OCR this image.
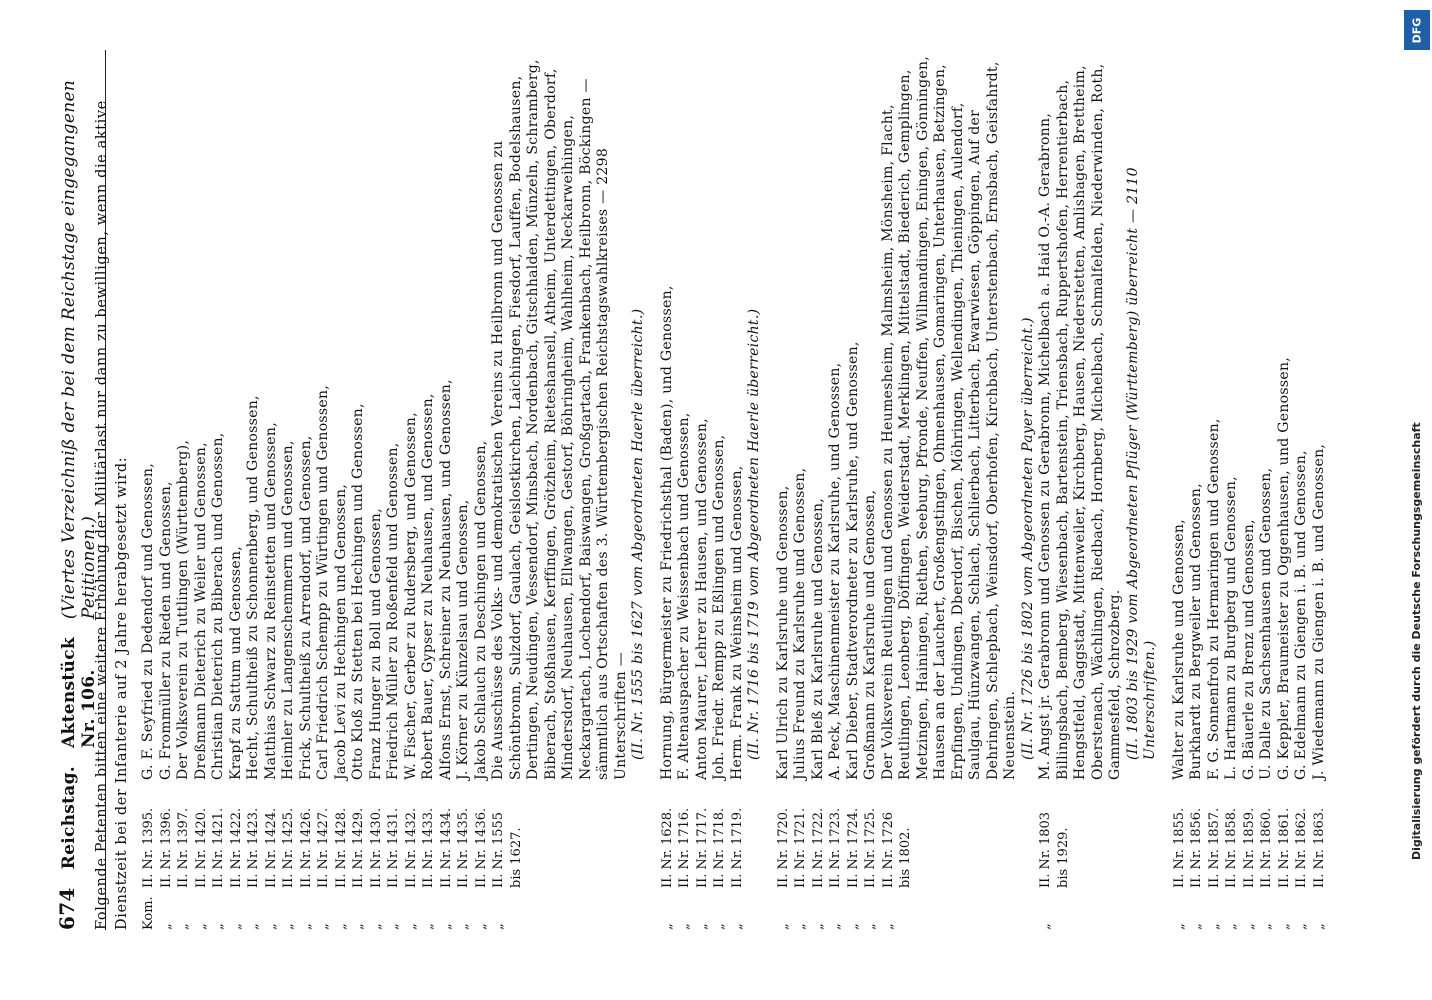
674
Reichstag.
Aktenstück Nr. 106.
(Viertes Verzeichniß der bei dem Reichstage eingegangenen Petitionen.)
Folgende Petenten bitten eine weitere Erhöhung der Militärlast nur dann zu bewilligen, wenn die aktive Dienstzeit bei der Infanterie auf 2 Jahre herabgesetzt wird: Kom.
II. Nr. 1395.
G. F. Seyfried zu Dedendorf und Genossen,
„
II. Nr. 1396.
G. Frommüller zu Rieden und Genossen,
„
II. Nr. 1397.
Der Volksverein zu Tuttlingen (Württemberg),
„
II. Nr. 1420.
Dreßmann Dieterich zu Weiler und Genossen,
„
II. Nr. 1421.
Christian Dieterich zu Biberach und Genossen,
„
II. Nr. 1422.
Krapf zu Sattum und Genossen,
„
II. Nr. 1423.
Hecht, Schultheiß zu Schonnenberg, und Genossen,
„
II. Nr. 1424.
Matthias Schwarz zu Reinstetten und Genossen,
„
II. Nr. 1425.
Heimler zu Langenschemmern und Genossen,
„
II. Nr. 1426.
Frick, Schultheiß zu Arrendorf, und Genossen,
„
II. Nr. 1427.
Carl Friedrich Schempp zu Würtingen und Genossen,
„
II. Nr. 1428.
Jacob Levi zu Hechingen und Genossen,
„
II. Nr. 1429.
Otto Kloß zu Stetten bei Hechingen und Genossen,
„
II. Nr. 1430.
Franz Hunger zu Boll und Genossen,
„
II. Nr. 1431.
Friedrich Müller zu Roßenfeld und Genossen,
„
II. Nr. 1432.
W. Fischer, Gerber zu Rudersberg, und Genossen,
„
II. Nr. 1433.
Robert Bauer, Gypser zu Neuhausen, und Genossen,
„
II. Nr. 1434.
Alfons Ernst, Schreiner zu Neuhausen, und Genossen,
„
II. Nr. 1435.
J. Körner zu Künzelsau und Genossen,
„
II. Nr. 1436.
Jakob Schlauch zu Deschingen und Genossen,
„
II. Nr. 1555
bis 1627.
Die Ausschüsse des Volks- und demokratischen Vereins zu Heilbronn und Genossen zu Schöntbronn, Sulzdorf, Gaulach, Geislostkirchen, Laichingen, Fiesdorf, Lauffen, Bodelshausen, Dertingen, Neudingen, Vessendorf, Minsbach, Nordenbach, Gitschhalden, Münzeln, Schramberg, Biberach, Stoßhausen, Kerffingen, Grötzheim, Rieteshansell, Atheim, Unterdettingen, Oberdorf, Mindersdorf, Neuhausen, Ellwangen, Gestorf, Böhringheim, Wahlheim, Neckarweihingen, Neckargartach, Lochendorf, Baiswangen, Großgartach, Frankenbach, Heilbronn, Böckingen — sämmtlich aus Ortschaften des 3. Württembergischen Reichstagswahlkreises — 2298 Unterschriften — (II. Nr. 1555 bis 1627 vom Abgeordneten Haerle überreicht.)
„
II. Nr. 1628.
Hornung, Bürgermeister zu Friedrichsthal (Baden), und Genossen,
„
II. Nr. 1716.
F. Altenauspacher zu Weissenbach und Genossen,
„
II. Nr. 1717.
Anton Maurer, Lehrer zu Hausen, und Genossen,
„
II. Nr. 1718.
Joh. Friedr. Rempp zu Eßlingen und Genossen,
„
II. Nr. 1719.
Herm. Frank zu Weinsheim und Genossen, (II. Nr. 1716 bis 1719 vom Abgeordneten Haerle überreicht.)
„
II. Nr. 1720.
Karl Ulrich zu Karlsruhe und Genossen,
„
II. Nr. 1721.
Julius Freund zu Karlsruhe und Genossen,
„
II. Nr. 1722.
Karl Bleß zu Karlsruhe und Genossen,
„
II. Nr. 1723.
A. Peck, Maschinenmeister zu Karlsruhe, und Genossen,
„
II. Nr. 1724.
Karl Dieber, Stadtverordneter zu Karlsruhe, und Genossen,
„
II. Nr. 1725.
Großmann zu Karlsruhe und Genossen,
„
II. Nr. 1726
bis 1802.
Der Volksverein Reutlingen und Genossen zu Heumesheim, Malmsheim, Mönsheim, Flacht, Reutlingen, Leonberg, Döffingen, Weiderstadt, Merklingen, Mittelstadt, Biederich, Gemplingen, Metzingen, Hainingen, Riethen, Seeburg, Pfronde, Neuffen, Willmandingen, Eningen, Gönningen, Hausen an der Lauchert, Großengstingen, Ohmenhausen, Gomaringen, Unterhausen, Betzingen, Erpfingen, Undingen, Dberdorf, Bischen, Möhringen, Wellendingen, Thieningen, Aulendorf, Saulgau, Hünzwangen, Schlach, Schlierbach, Litterbach, Ewarwiesen, Göppingen, Auf der Dehringen, Schlepbach, Weinsdorf, Oberhofen, Kirchbach, Unterstenbach, Ernsbach, Geisfahrdt, Neuenstein. (II. Nr. 1726 bis 1802 vom Abgeordneten Payer überreicht.)
„
II. Nr. 1803
bis 1929.
M. Angst jr. Gerabronn und Genossen zu Gerabronn, Michelbach a. Haid O.-A. Gerabronn, Billingsbach, Bemberg, Wiesenbach, Bartenstein, Triensbach, Ruppertshofen, Herrentierbach, Hengstfeld, Gaggstadt, Mittenweiler, Kirchberg, Hausen, Niederstetten, Amlishagen, Brettheim, Oberstenach, Wächlingen, Riedbach, Hornberg, Michelbach, Schmalfelden, Niederwinden, Roth, Gammesfeld, Schrozberg. (II. 1803 bis 1929 vom Abgeordneten Pflüger (Württemberg) überreicht — 2110 Unterschriften.)
„
II. Nr. 1855.
Walter zu Karlsruhe und Genossen,
„
II. Nr. 1856.
Burkhardt zu Bergweiler und Genossen,
„
II. Nr. 1857.
F. G. Sonnenfroh zu Hermaringen und Genossen,
„
II. Nr. 1858.
L. Hartmann zu Burgberg und Genossen,
„
II. Nr. 1859.
G. Bäuerle zu Brenz und Genossen,
„
II. Nr. 1860.
U. Dalle zu Sachsenhausen und Genossen,
„
II. Nr. 1861.
G. Keppler, Braumeister zu Oggenhausen, und Genossen,
„
II. Nr. 1862.
G. Edelmann zu Giengen i. B. und Genossen,
„
II. Nr. 1863.
J. Wiedemann zu Giengen i. B. und Genossen,
DFG
Digitalisierung gefördert durch die Deutsche Forschungsgemeinschaft
